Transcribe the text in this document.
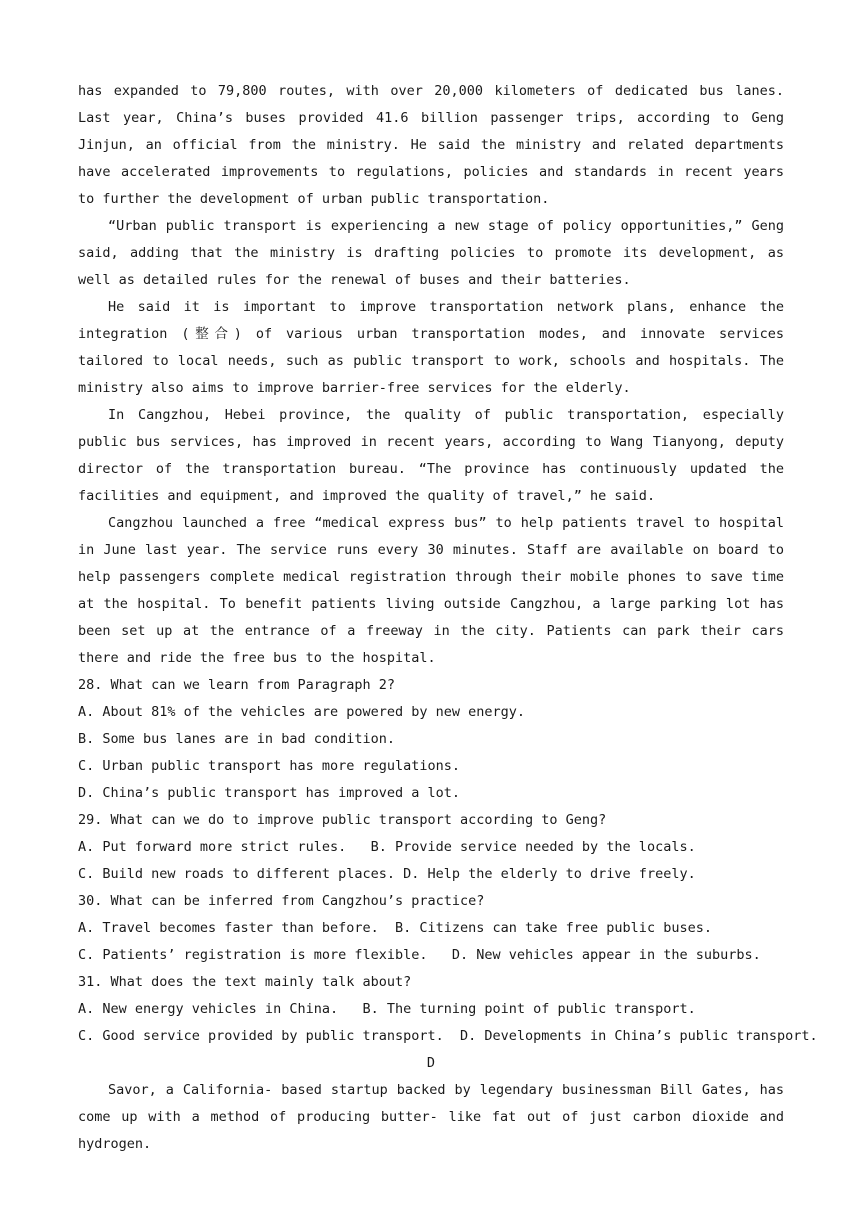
has expanded to 79,800 routes, with over 20,000 kilometers of dedicated bus lanes. Last year, China’s buses provided 41.6 billion passenger trips, according to Geng Jinjun, an official from the ministry. He said the ministry and related departments have accelerated improvements to regulations, policies and standards in recent years to further the development of urban public transportation.

“Urban public transport is experiencing a new stage of policy opportunities,” Geng said, adding that the ministry is drafting policies to promote its development, as well as detailed rules for the renewal of buses and their batteries.

He said it is important to improve transportation network plans, enhance the integration (整合) of various urban transportation modes, and innovate services tailored to local needs, such as public transport to work, schools and hospitals. The ministry also aims to improve barrier-free services for the elderly.

In Cangzhou, Hebei province, the quality of public transportation, especially public bus services, has improved in recent years, according to Wang Tianyong, deputy director of the transportation bureau. “The province has continuously updated the facilities and equipment, and improved the quality of travel,” he said.

Cangzhou launched a free “medical express bus” to help patients travel to hospital in June last year. The service runs every 30 minutes. Staff are available on board to help passengers complete medical registration through their mobile phones to save time at the hospital. To benefit patients living outside Cangzhou, a large parking lot has been set up at the entrance of a freeway in the city. Patients can park their cars there and ride the free bus to the hospital.

28. What can we learn from Paragraph 2?

A. About 81% of the vehicles are powered by new energy.

B. Some bus lanes are in bad condition.

C. Urban public transport has more regulations.

D. China’s public transport has improved a lot.

29. What can we do to improve public transport according to Geng?

A. Put forward more strict rules.   B. Provide service needed by the locals.

C. Build new roads to different places. D. Help the elderly to drive freely.

30. What can be inferred from Cangzhou’s practice?

A. Travel becomes faster than before.  B. Citizens can take free public buses.

C. Patients’ registration is more flexible.   D. New vehicles appear in the suburbs.

31. What does the text mainly talk about?

A. New energy vehicles in China.   B. The turning point of public transport.

C. Good service provided by public transport.  D. Developments in China’s public transport.

D

Savor, a California- based startup backed by legendary businessman Bill Gates, has come up with a method of producing butter- like fat out of just carbon dioxide and hydrogen.
